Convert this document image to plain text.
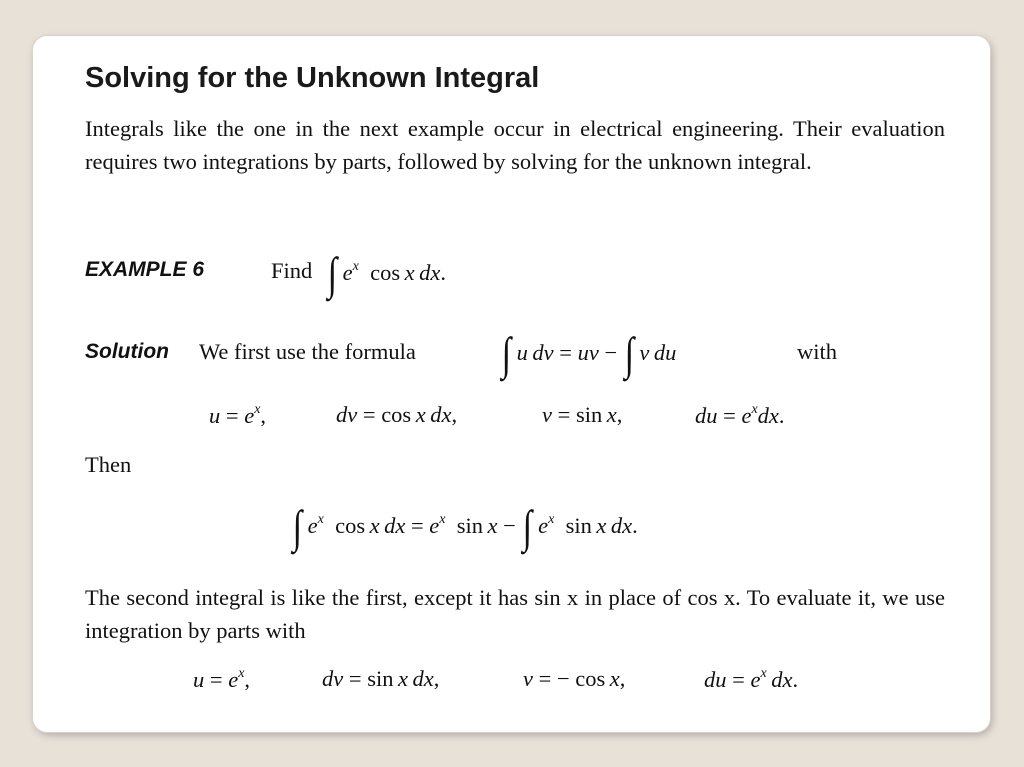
Solving for the Unknown Integral
Integrals like the one in the next example occur in electrical engineering. Their evaluation requires two integrations by parts, followed by solving for the unknown integral.
EXAMPLE 6	Find ∫ $e^x$  cos x  dx.
Solution We first use the formula ∫ u  dv = uv − ∫ v  du	with
$u = e^x$,	dv = cos x  dx,	v = sin x,	du = $e^xdx$.
Then
∫ $e^x$  cos x  dx = $e^x$  sin x − ∫ $e^x$  sin x  dx.
The second integral is like the first, except it has sin x in place of cos x. To evaluate it, we use integration by parts with
$u = e^x$,	dv = sin x  dx,	v = − cos x,	du = $e^x$  dx.
